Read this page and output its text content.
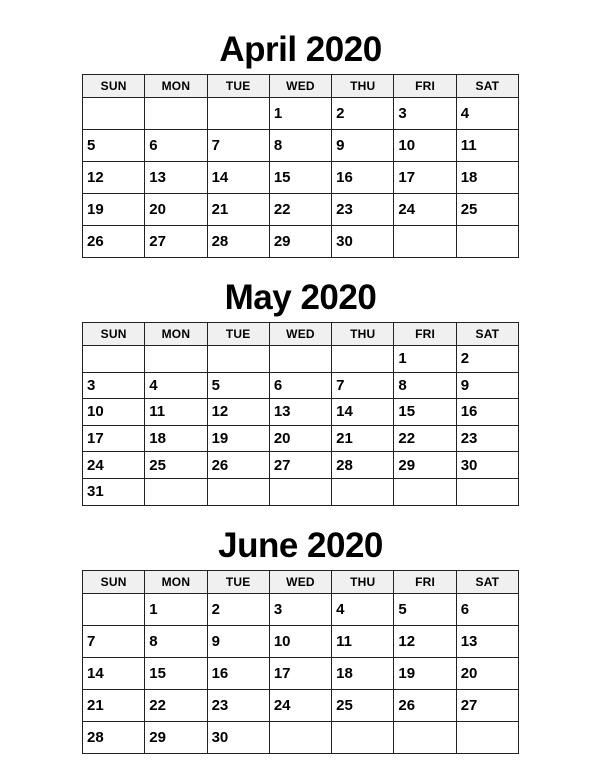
April 2020
SUN	MON	TUE	WED	THU	FRI	SAT
			1	2	3	4
5	6	7	8	9	10	11
12	13	14	15	16	17	18
19	20	21	22	23	24	25
26	27	28	29	30		
May 2020
SUN	MON	TUE	WED	THU	FRI	SAT
					1	2
3	4	5	6	7	8	9
10	11	12	13	14	15	16
17	18	19	20	21	22	23
24	25	26	27	28	29	30
31						
June 2020
SUN	MON	TUE	WED	THU	FRI	SAT
	1	2	3	4	5	6
7	8	9	10	11	12	13
14	15	16	17	18	19	20
21	22	23	24	25	26	27
28	29	30				
